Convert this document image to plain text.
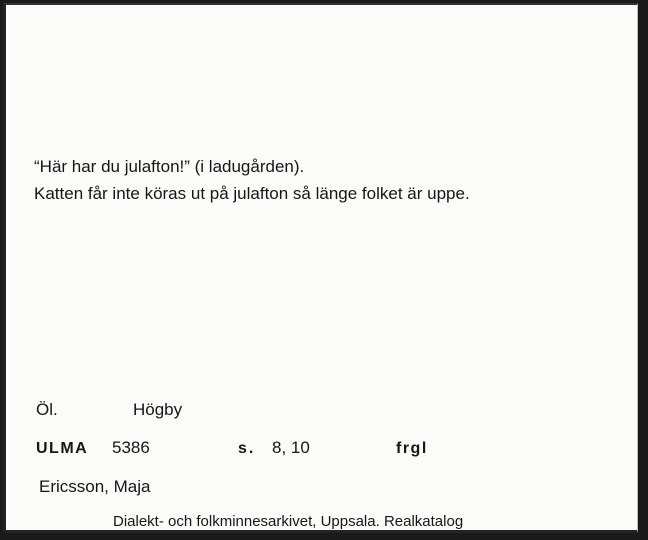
“Här har du julafton!” (i ladugården).
Katten får inte köras ut på julafton så länge folket är uppe.
Öl.	Högby
ULMA 5386	s. 8, 10	frgl
Ericsson, Maja
Dialekt- och folkminnesarkivet, Uppsala. Realkatalog
